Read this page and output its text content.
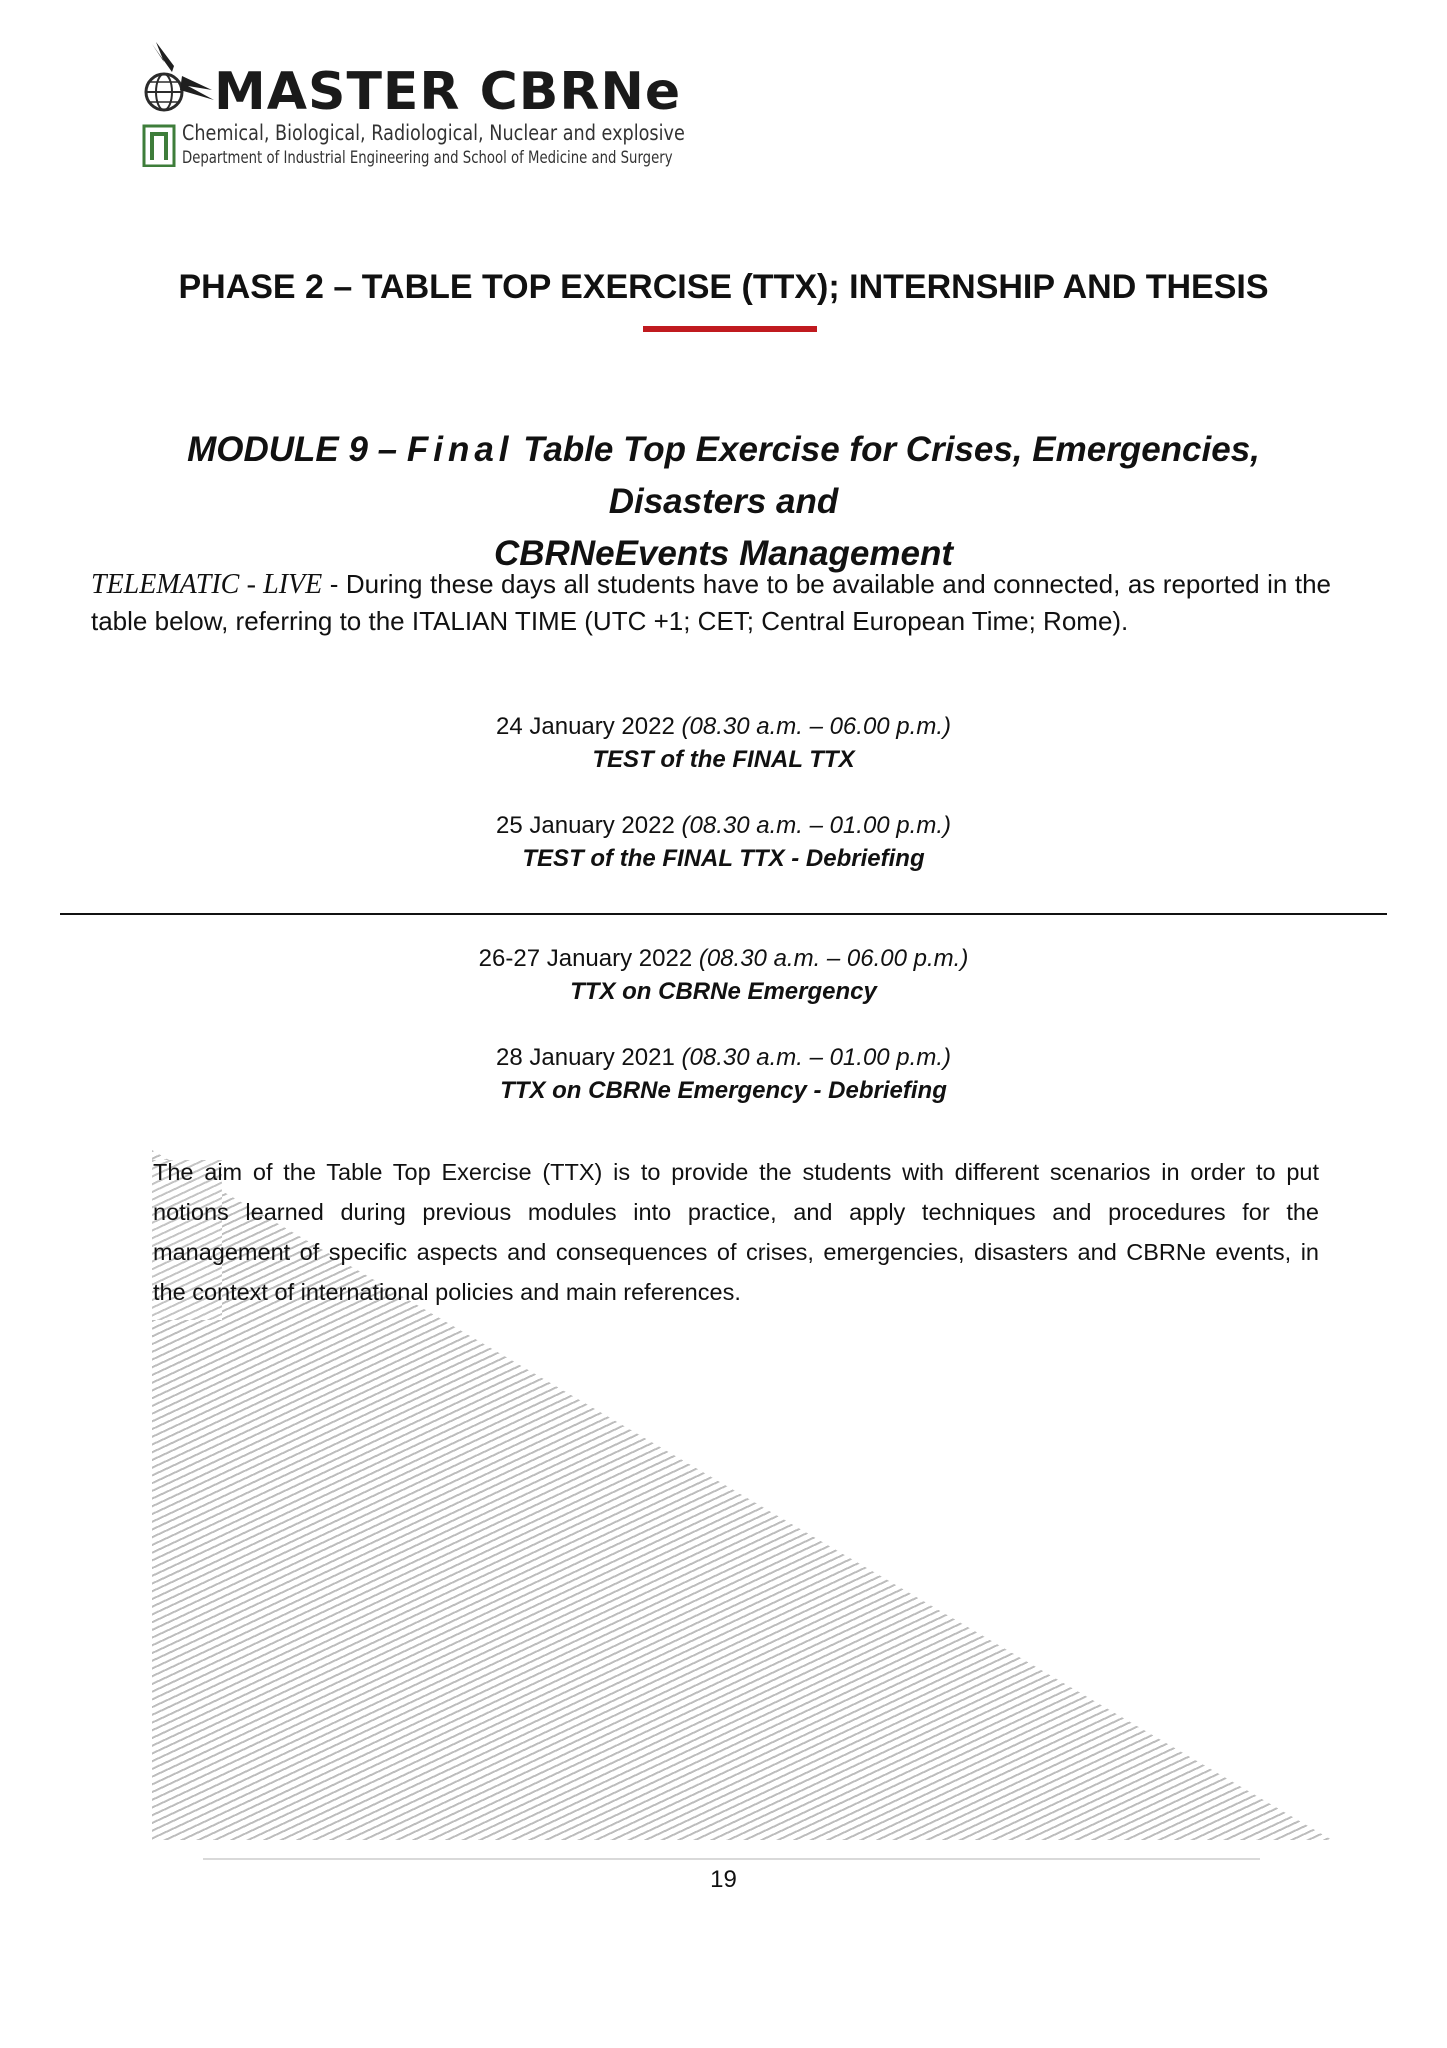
MASTER CBRNe
Chemical, Biological, Radiological, Nuclear and explosive
Department of Industrial Engineering and School of Medicine and Surgery
PHASE 2 – TABLE TOP EXERCISE (TTX); INTERNSHIP AND THESIS
MODULE 9 – Final Table Top Exercise for Crises, Emergencies, Disasters and
CBRNeEvents Management
TELEMATIC - LIVE - During these days all students have to be available and connected, as reported in the table below, referring to the ITALIAN TIME (UTC +1; CET; Central European Time; Rome).
24 January 2022 (08.30 a.m. – 06.00 p.m.)
TEST of the FINAL TTX
25 January 2022 (08.30 a.m. – 01.00 p.m.)
TEST of the FINAL TTX - Debriefing
26-27 January 2022 (08.30 a.m. – 06.00 p.m.)
TTX on CBRNe Emergency
28 January 2021 (08.30 a.m. – 01.00 p.m.)
TTX on CBRNe Emergency - Debriefing
The aim of the Table Top Exercise (TTX) is to provide the students with different scenarios in order to put notions learned during previous modules into practice, and apply techniques and procedures for the management of specific aspects and consequences of crises, emergencies, disasters and CBRNe events, in the context of international policies and main references.
19
